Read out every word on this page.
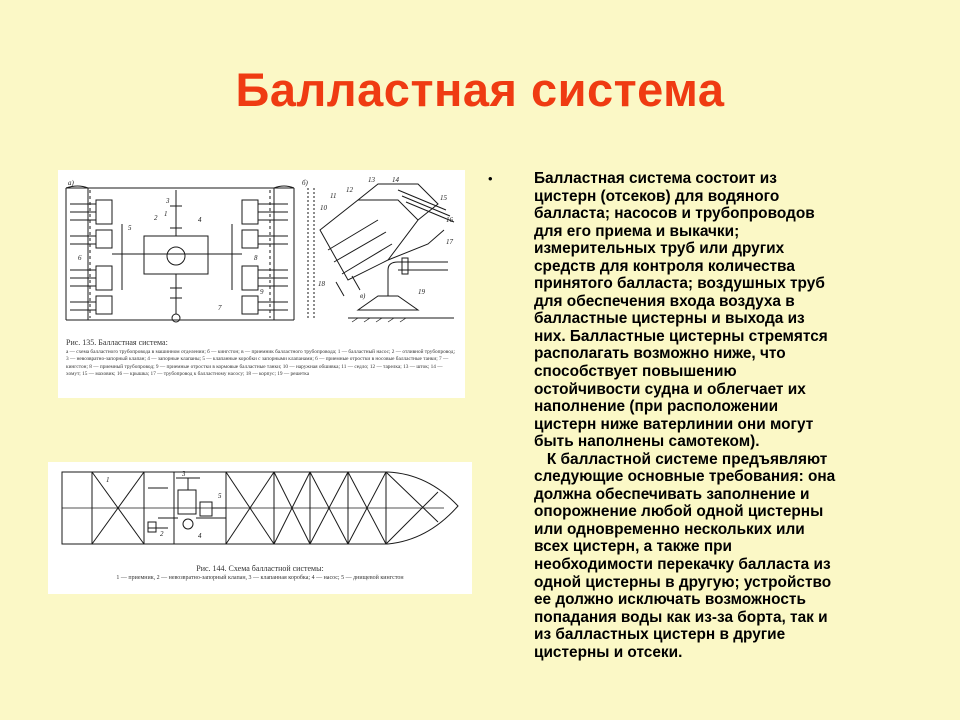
Балластная система
а)	б)
в)
1
2
3
4
5
6
7
8
9
10
11
12
13 14
15
16
17
18
19
Рис. 135. Балластная система:
а — схема балластного трубопровода в машинном отделении; б — кингстон; в — приемник балластного трубопровода; 1 — балластный насос; 2 — отливной трубопровод; 3 — невозвратно-запорный клапан; 4 — запорные клапаны; 5 — клапанные коробки с запорными клапанами; 6 — приемные отростки в носовые балластные танки; 7 — кингстон; 8 — приемный трубопровод; 9 — приемные отростки в кормовые балластные танки; 10 — наружная обшивка; 11 — седло; 12 — тарелка; 13 — шток; 14 — хомут; 15 — маховик; 16 — крышка; 17 — трубопровод к балластному насосу; 18 — корпус; 19 — решетка
1
2
3
4
5
Рис. 144. Схема балластной системы:
1 — приемник, 2 — невозвратно-запорный клапан, 3 — клапанная коробка; 4 — насос; 5 — днищевой кингстон
•	Балластная система состоит из
цистерн (отсеков) для водяного
балласта; насосов и трубопроводов
для его приема и выкачки;
измерительных труб или других
средств для контроля количества
принятого балласта; воздушных труб
для обеспечения входа воздуха в
балластные цистерны и выхода из
них. Балластные цистерны стремятся
располагать возможно ниже, что
способствует повышению
остойчивости судна и облегчает их
наполнение (при расположении
цистерн ниже ватерлинии они могут
быть наполнены самотеком).
К балластной системе предъявляют
следующие основные требования: она
должна обеспечивать заполнение и
опорожнение любой одной цистерны
или одновременно нескольких или
всех цистерн, а также при
необходимости перекачку балласта из
одной цистерны в другую; устройство
ее должно исключать возможность
попадания воды как из-за борта, так и
из балластных цистерн в другие
цистерны и отсеки.
